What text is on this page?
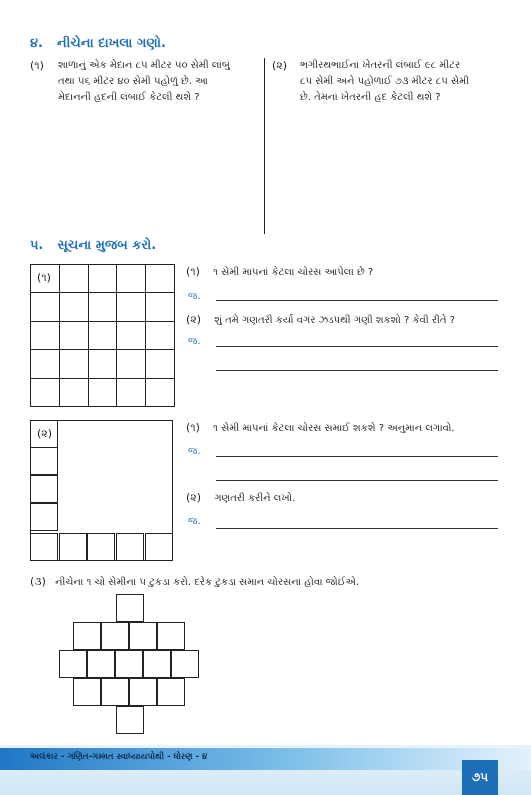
૪. નીચેના દાખલા ગણો.
(૧) શાળાનું એક મેદાન ૮૫ મીટર ૫૦ સેમી લાંબું
તથા ૫૬ મીટર ૪૦ સેમી પહોળું છે. આ
મેદાનની હદની લંબાઈ કેટલી થશે ?
(૨) ભગીરથભાઈનાં ખેતરની લંબાઈ ૯૮ મીટર
૮૫ સેમી અને પહોળાઈ ૭૩ મીટર ૮૫ સેમી
છે. તેમનાં ખેતરની હદ કેટલી થશે ?
પ. સૂચના મુજબ કરો.
(૧)	(૧) ૧ સેમી માપનાં કેટલા ચોરસ આપેલા છે ?
જ.
(૨) શું તમે ગણતરી કર્યા વગર ઝડપથી ગણી શકશો ? કેવી રીતે ?
જ.
(૨)	(૧) ૧ સેમી માપનાં કેટલા ચોરસ સમાઈ શકશે ? અનુમાન લગાવો.
જ.
(૨) ગણતરી કરીને લખો.
જ.
(૩) નીચેના ૧ ચો સેમીના ૫ ટુકડા કરો. દરેક ટુકડા સમાન ચોરસના હોવા જોઈએ.
અલંકાર - ગણિત-ગમ્મત સ્વાધ્યાયપોથી - ધોરણ - ૪
૭૫
